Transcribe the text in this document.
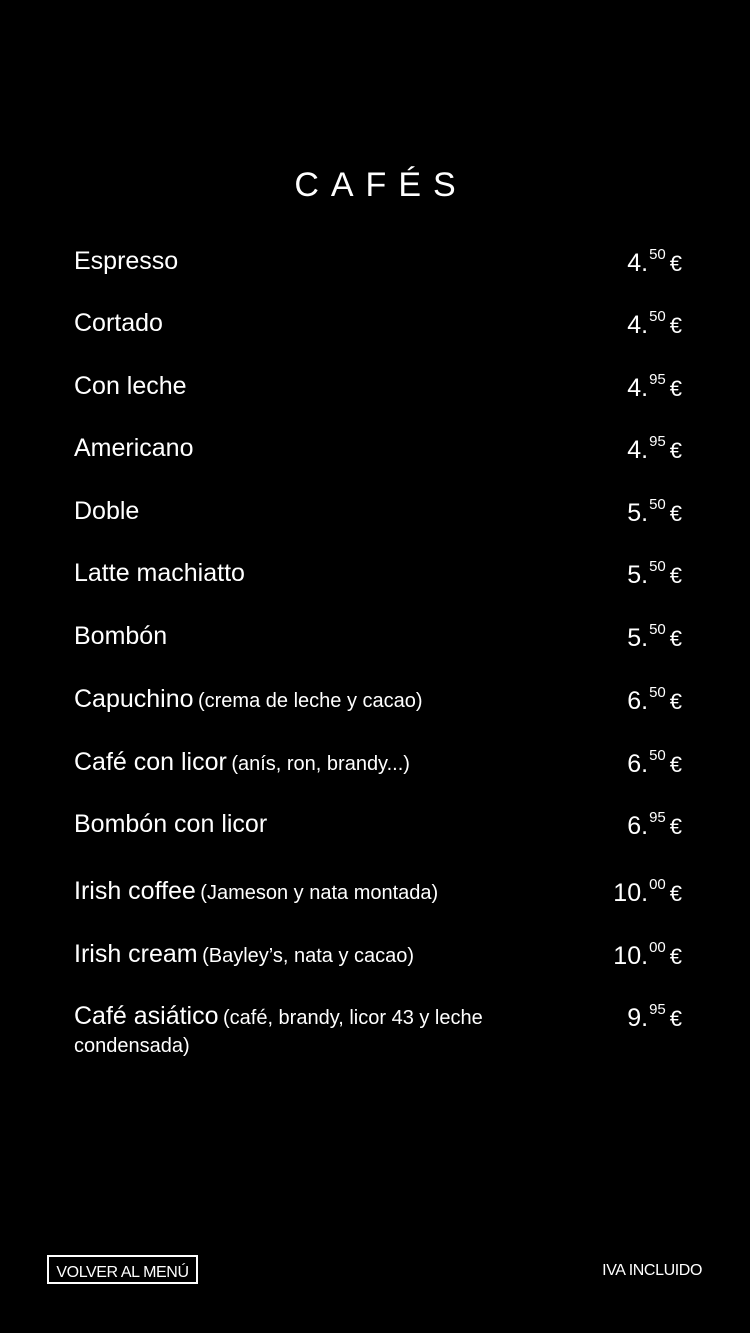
CAFÉS
Espresso	4.50 €
Cortado	4.50 €
Con leche	4.95 €
Americano	4.95 €
Doble	5.50 €
Latte machiatto	5.50 €
Bombón	5.50 €
Capuchino (crema de leche y cacao)	6.50 €
Café con licor (anís, ron, brandy...)	6.50 €
Bombón con licor	6.95 €
Irish coffee (Jameson y nata montada)	10.00 €
Irish cream (Bayley’s, nata y cacao)	10.00 €
Café asiático (café, brandy, licor 43 y leche condensada)
9.95 €
VOLVER AL MENÚ	IVA INCLUIDO
